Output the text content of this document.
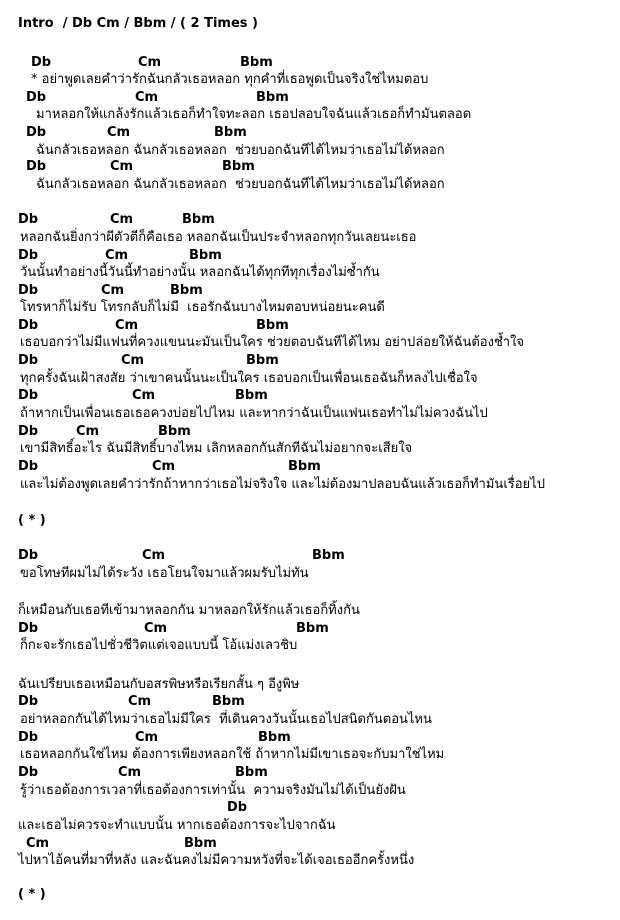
Intro  / Db Cm / Bbm / ( 2 Times )
Db	Cm	Bbm
* อย่าพูดเลยคำว่ารักฉันกลัวเธอหลอก ทุกคำที่เธอพูดเป็นจริงใช่ไหมตอบ
Db	Cm	Bbm
มาหลอกให้แกล้งรักแล้วเธอก็ทำใจทะลอก เธอปลอบใจฉันแล้วเธอก็ทำมันตลอด
Db	Cm	Bbm
ฉันกลัวเธอหลอก ฉันกลัวเธอหลอก  ช่วยบอกฉันทีได้ไหมว่าเธอไม่ได้หลอก
Db	Cm	Bbm
ฉันกลัวเธอหลอก ฉันกลัวเธอหลอก  ช่วยบอกฉันทีได้ไหมว่าเธอไม่ได้หลอก
Db	Cm	Bbm
หลอกฉันยิ่งกว่าผีตัวตีก็คือเธอ หลอกฉันเป็นประจำหลอกทุกวันเลยนะเธอ
Db	Cm	Bbm
วันนั้นทำอย่างนี้วันนี้ทำอย่างนั้น หลอกฉันได้ทุกทีทุกเรื่องไม่ซ้ำกัน
Db	Cm	Bbm
โทรหาก็ไม่รับ โทรกลับก็ไม่มี  เธอรักฉันบางไหมตอบหน่อยนะคนดี
Db	Cm	Bbm
เธอบอกว่าไม่มีแฟนที่ควงแขนนะมันเป็นใคร ช่วยตอบฉันทีได้ไหม อย่าปล่อยให้ฉันต้องช้ำใจ
Db	Cm	Bbm
ทุกครั้งฉันเฝ้าสงสัย ว่าเขาคนนั้นนะเป็นใคร เธอบอกเป็นเพื่อนเธอฉันก็หลงไปเชื่อใจ
Db	Cm	Bbm
ถ้าหากเป็นเพื่อนเธอเธอควงบ่อยไปไหม และหากว่าฉันเป็นแฟนเธอทำไม่ไม่ควงฉันไป
Db	Cm	Bbm
เขามีสิทธิ์อะไร ฉันมีสิทธิ์บางไหม เลิกหลอกกันสักทีฉันไม่อยากจะเสียใจ
Db	Cm	Bbm
และไม่ต้องพูดเลยคำว่ารักถ้าหากว่าเธอไม่จริงใจ และไม่ต้องมาปลอบฉันแล้วเธอก็ทำมันเรื่อยไป
( * )
Db	Cm	Bbm
ขอโทษทีผมไม่ได้ระวัง เธอโยนใจมาแล้วผมรับไม่ทัน
ก็เหมือนกับเธอทีเข้ามาหลอกกัน มาหลอกให้รักแล้วเธอก็ทิ้งกัน
Db	Cm	Bbm
ก็กะจะรักเธอไปชั่วชีวิตแต่เจอแบบนี้ โอ้แม่งเลวชิบ
ฉันเปรียบเธอเหมือนกับอสรพิษหรือเรียกสั้น ๆ อีงูพิษ
Db	Cm	Bbm
อย่าหลอกกันได้ไหมว่าเธอไม่มีใคร  ที่เดินควงวันนั้นเธอไปสนิดกันตอนไหน
Db	Cm	Bbm
เธอหลอกกันใช่ไหม ต้องการเพียงหลอกใช้ ถ้าหากไม่มีเขาเธอจะกับมาใช่ไหม
Db	Cm	Bbm
รู้ว่าเธอต้องการเวลาที่เธอต้องการเท่านั้น  ความจริงมันไม่ได้เป็นยังฝัน
Db
และเธอไม่ควรจะทำแบบนั้น หากเธอต้องการจะไปจากฉัน
Cm	Bbm
ไปหาไอ้คนที่มาที่หลัง และฉันคงไม่มีความหวังที่จะได้เจอเธออีกครั้งหนึ่ง
( * )
